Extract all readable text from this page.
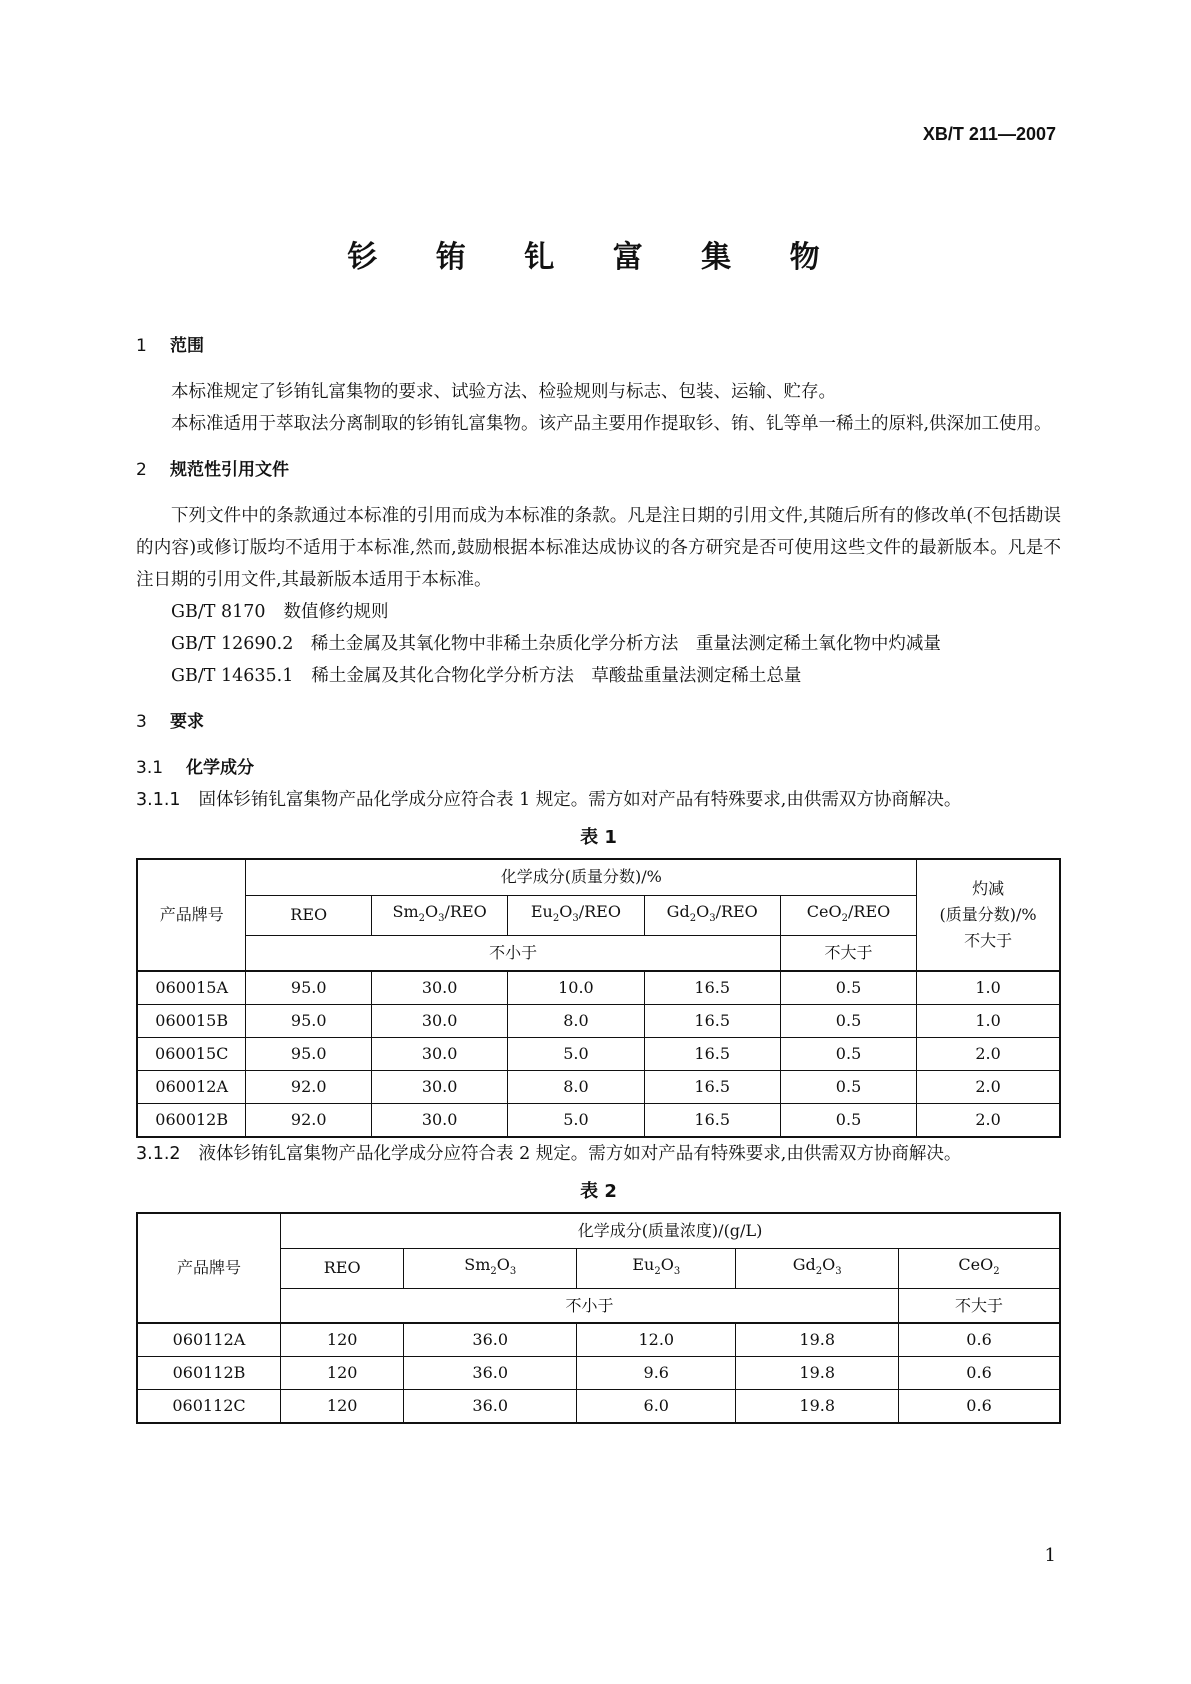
XB/T 211—2007
钐 铕 钆 富 集 物

1 范围

本标准规定了钐铕钆富集物的要求、试验方法、检验规则与标志、包装、运输、贮存。

本标准适用于萃取法分离制取的钐铕钆富集物。该产品主要用作提取钐、铕、钆等单一稀土的原料,供深加工使用。

2 规范性引用文件

下列文件中的条款通过本标准的引用而成为本标准的条款。凡是注日期的引用文件,其随后所有的修改单(不包括勘误的内容)或修订版均不适用于本标准,然而,鼓励根据本标准达成协议的各方研究是否可使用这些文件的最新版本。凡是不注日期的引用文件,其最新版本适用于本标准。

GB/T 8170 数值修约规则

GB/T 12690.2　 稀土金属及其氧化物中非稀土杂质化学分析方法　重量法测定稀土氧化物中灼减量

GB/T 14635.1 稀土金属及其化合物化学分析方法　草酸盐重量法测定稀土总量

3 要求

3.1 化学成分

3.1.1 固体钐铕钆富集物产品化学成分应符合表 1 规定。需方如对产品有特殊要求,由供需双方协商解决。

表 1
产品牌号	化学成分(质量分数)/%					灼减
(质量分数)/%
不大于
	REO	$Sm_2O_3$/REO	$Eu_2O_3$/REO	$Gd_2O_3$/REO	CeO$_2$/REO	
	不小于				不大于	
060015A	95.0	30.0	10.0	16.5	0.5	1.0
060015B	95.0	30.0	8.0	16.5	0.5	1.0
060015C	95.0	30.0	5.0	16.5	0.5	2.0
060012A	92.0	30.0	8.0	16.5	0.5	2.0
060012B	92.0	30.0	5.0	16.5	0.5	2.0

3.1.2 液体钐铕钆富集物产品化学成分应符合表 2 规定。需方如对产品有特殊要求,由供需双方协商解决。

表 2
产品牌号	化学成分(质量浓度)/(g/L)				
	REO	$Sm_2O_3$	$Eu_2O_3$	$Gd_2O_3$	CeO$_2$
	不小于				不大于
060112A	120	36.0	12.0	19.8	0.6
060112B	120	36.0	9.6	19.8	0.6
060112C	120	36.0	6.0	19.8	0.6
1
